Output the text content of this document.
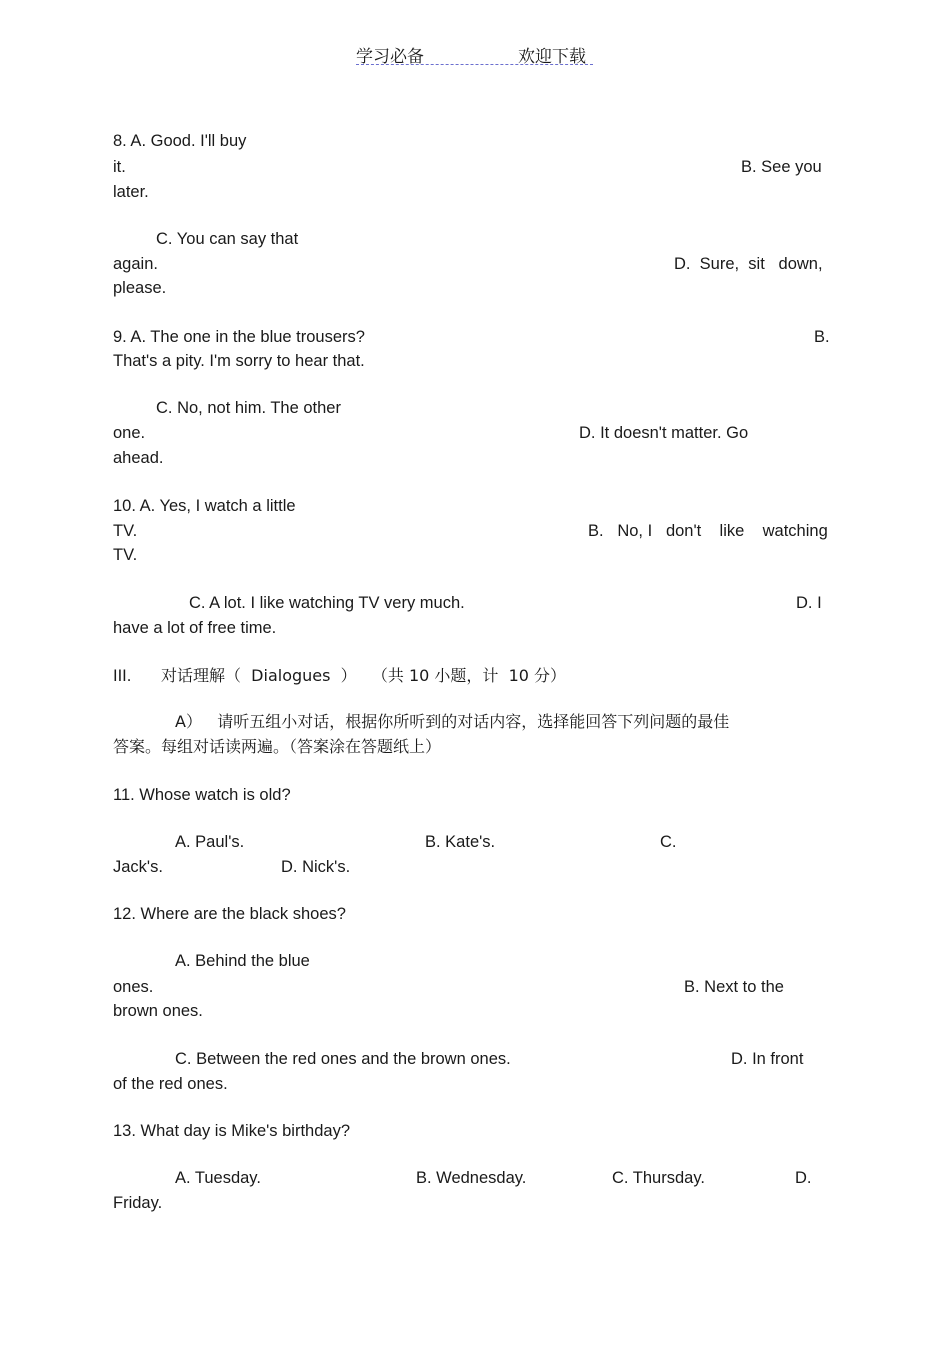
学习必备	欢迎下载
8. A. Good. I'll buy
it.	B. See you
later.
C. You can say that
again.	D.  Sure,  sit   down,
please.
9. A. The one in the blue trousers?	B.
That's a pity. I'm sorry to hear that.
C. No, not him. The other
one.	D. It doesn't matter. Go
ahead.
10. A. Yes, I watch a little
TV.	B.   No, I   don't    like    watching
TV.
C. A lot. I like watching TV very much.	D. I
have a lot of free time.
III. 对话理解（  Dialogues  ）   （共 10 小题，计  10 分）
A）   请听五组小对话，根据你所听到的对话内容，选择能回答下列问题的最佳
答案。每组对话读两遍。（答案涂在答题纸上）
11. Whose watch is old?
A. Paul's.	B. Kate's.	C.
Jack's.	D. Nick's.
12. Where are the black shoes?
A. Behind the blue
ones.	B. Next to the
brown ones.
C. Between the red ones and the brown ones.	D. In front
of the red ones.
13. What day is Mike's birthday?
A. Tuesday.	B. Wednesday.	C. Thursday.	D.
Friday.
